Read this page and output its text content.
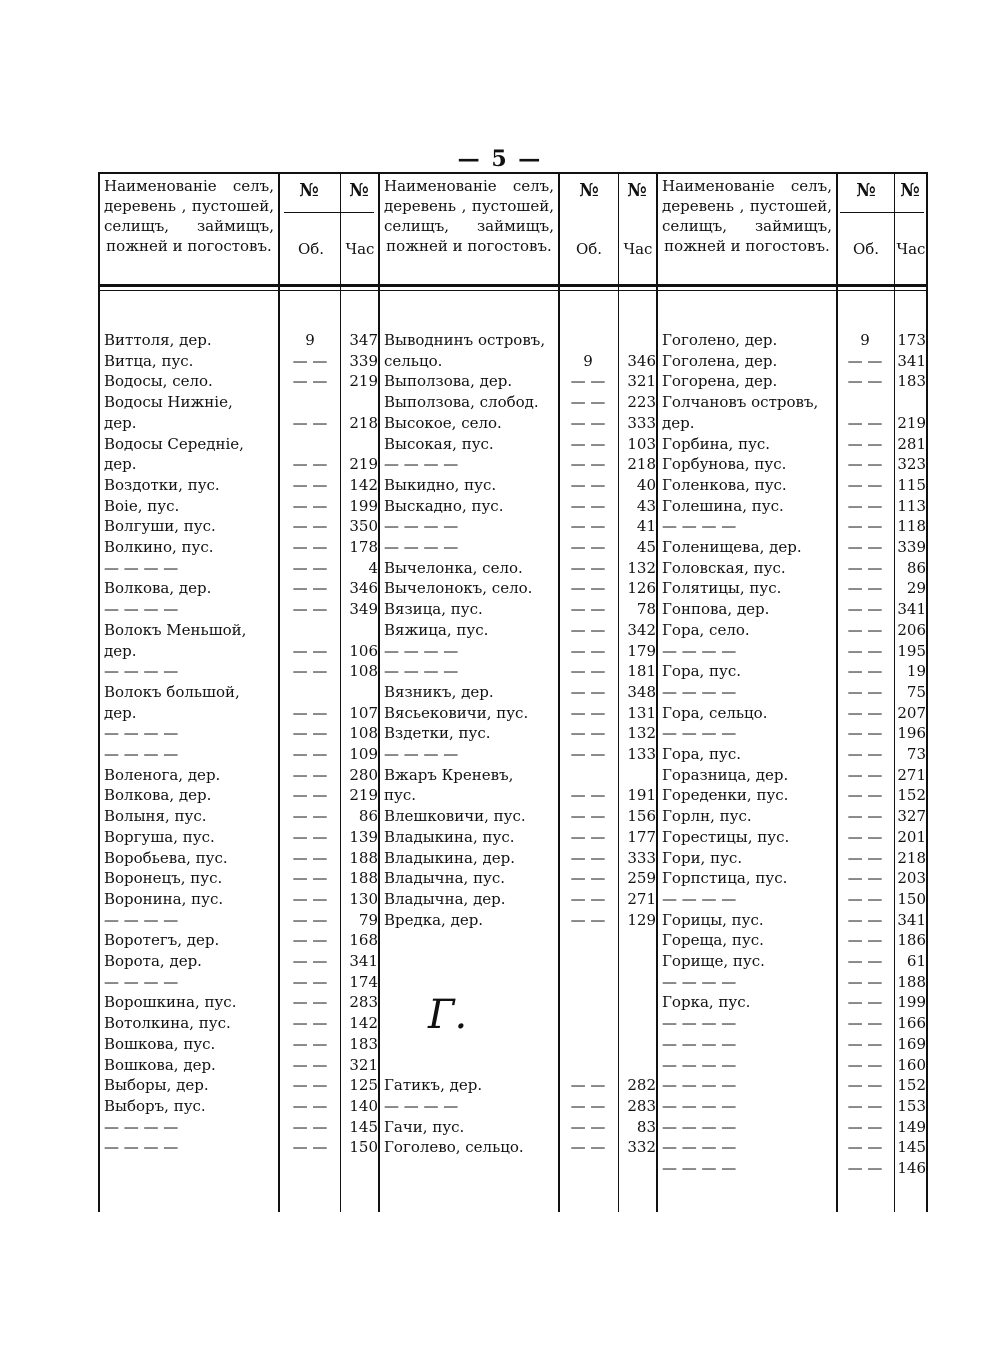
— 5 —
Наименованіе селъ, деревень , пустошей, селищъ, займищъ, пожней и погостовъ.
№	№
Об.	Час
Наименованіе селъ, деревень , пустошей, селищъ, займищъ, пожней и погостовъ.
№	№
Об.	Час
Наименованіе селъ, деревень , пустошей, селищъ, займищъ, пожней и погостовъ.
№	№
Об.	Час
Виттоля, дер.	9	347
Витца, пус.	— —	339
Водосы, село.	— —	219
Водосы Нижніе,
дер.	— —	218
Водосы Середніе,
дер.	— —	219
Воздотки, пус.	— —	142
Воіе, пус.	— —	199
Волгуши, пус.	— —	350
Волкино, пус.	— —	178
— — — —	— —	4
Волкова, дер.	— —	346
— — — —	— —	349
Волокъ Меньшой,
дер.	— —	106
— — — —	— —	108
Волокъ большой,
дер.	— —	107
— — — —	— —	108
— — — —	— —	109
Воленога, дер.	— —	280
Волкова, дер.	— —	219
Волыня, пус.	— —	86
Воргуша, пус.	— —	139
Воробьева, пус.	— —	188
Воронецъ, пус.	— —	188
Воронина, пус.	— —	130
— — — —	— —	79
Воротегъ, дер.	— —	168
Ворота, дер.	— —	341
— — — —	— —	174
Ворошкина, пус.	— —	283
Вотолкина, пус.	— —	142
Вошкова, пус.	— —	183
Вошкова, дер.	— —	321
Выборы, дер.	— —	125
Выборъ, пус.	— —	140
— — — —	— —	145
— — — —	— —	150
Выводнинъ островъ,
сельцо.	9	346
Выползова, дер.	— —	321
Выползова, слобод.	— —	223
Высокое, село.	— —	333
Высокая, пус.	— —	103
— — — —	— —	218
Выкидно, пус.	— —	40
Выскадно, пус.	— —	43
— — — —	— —	41
— — — —	— —	45
Вычелонка, село.	— —	132
Вычелонокъ, село.	— —	126
Вязица, пус.	— —	78
Вяжица, пус.	— —	342
— — — —	— —	179
— — — —	— —	181
Вязникъ, дер.	— —	348
Вясьековичи, пус.	— —	131
Вздетки, пус.	— —	132
— — — —	— —	133
Вжаръ Креневъ,
пус.	— —	191
Влешковичи, пус.	— —	156
Владыкина, пус.	— —	177
Владыкина, дер.	— —	333
Владычна, пус.	— —	259
Владычна, дер.	— —	271
Вредка, дер.	— —	129
Гатикъ, дер.	— —	282
— — — —	— —	283
Гачи, пус.	— —	83
Гоголево, сельцо.	— —	332
Гоголено, дер.	9	173
Гоголена, дер.	— — 341
Гогорена, дер.	— — 183
Голчановъ островъ,
дер.	— — 219
Горбина, пус.	— — 281
Горбунова, пус.	— — 323
Голенкова, пус.	— — 115
Голешина, пус.	— — 113
— — — —	— — 118
Голенищева, дер.	— — 339
Головская, пус.	— —	86
Голятицы, пус.	— —	29
Гонпова, дер.	— — 341
Гора, село.	— — 206
— — — —	— — 195
Гора, пус.	— —	19
— — — —	— —	75
Гора, сельцо.	— — 207
— — — —	— — 196
Гора, пус.	— —	73
Горазница, дер.	— — 271
Гореденки, пус.	— — 152
Горлн, пус.	— — 327
Горестицы, пус.	— — 201
Гори, пус.	— — 218
Горпстица, пус.	— — 203
— — — —	— — 150
Горицы, пус.	— — 341
Горещa, пус.	— — 186
Горище, пус.	— —	61
— — — —	— — 188
Горка, пус.	— — 199
— — — —	— — 166
— — — —	— — 169
— — — —	— — 160
— — — —	— — 152
— — — —	— — 153
— — — —	— — 149
— — — —	— — 145
— — — —	— — 146
Г.
